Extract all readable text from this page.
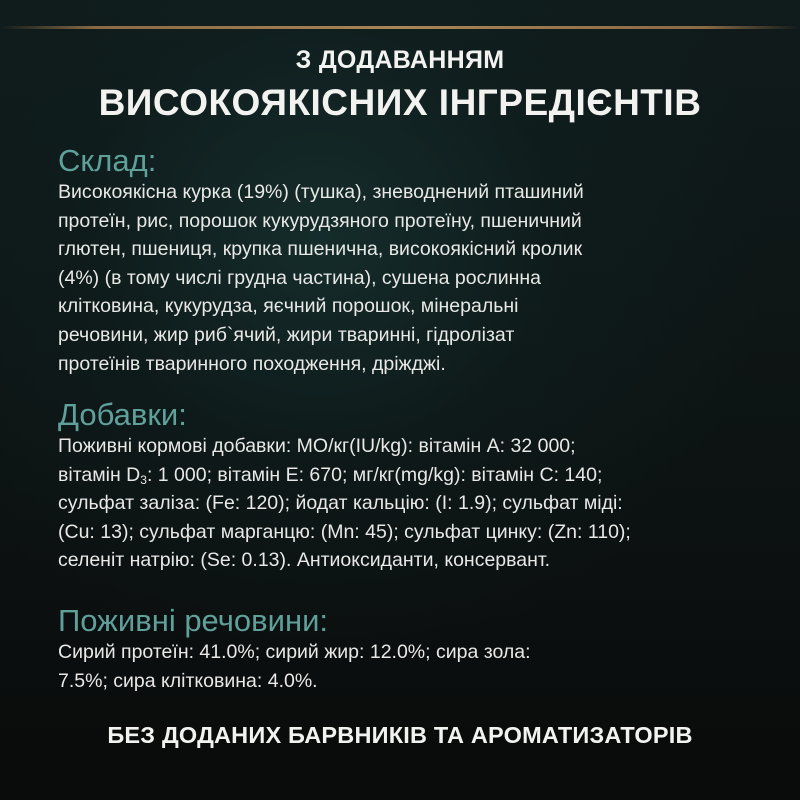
З ДОДАВАННЯМ
ВИСОКОЯКІСНИХ ІНГРЕДІЄНТІВ
Склад:
Високоякісна курка (19%) (тушка), зневоднений пташиний
протеїн, рис, порошок кукурудзяного протеїну, пшеничний
глютен, пшениця, крупка пшенична, високоякісний кролик
(4%) (в тому числі грудна частина), сушена рослинна
клітковина, кукурудза, яєчний порошок, мінеральні
речовини, жир риб`ячий, жири тваринні, гідролізат
протеїнів тваринного походження, дріжджі.
Добавки:
Поживні кормові добавки: МО/кг(IU/kg): вітамін А: 32 000;
вітамін $D_3$: 1 000; вітамін Е: 670; мг/кг(mg/kg): вітамін С: 140;
сульфат заліза: (Fe: 120); йодат кальцію: (І: 1.9); сульфат міді:
(Cu: 13); сульфат марганцю: (Mn: 45); сульфат цинку: (Zn: 110);
селеніт натрію: (Se: 0.13). Антиоксиданти, консервант.
Поживні речовини:
Сирий протеїн: 41.0%; сирий жир: 12.0%; сира зола:
7.5%; сира клітковина: 4.0%.
БЕЗ ДОДАНИХ БАРВНИКІВ ТА АРОМАТИЗАТОРІВ
